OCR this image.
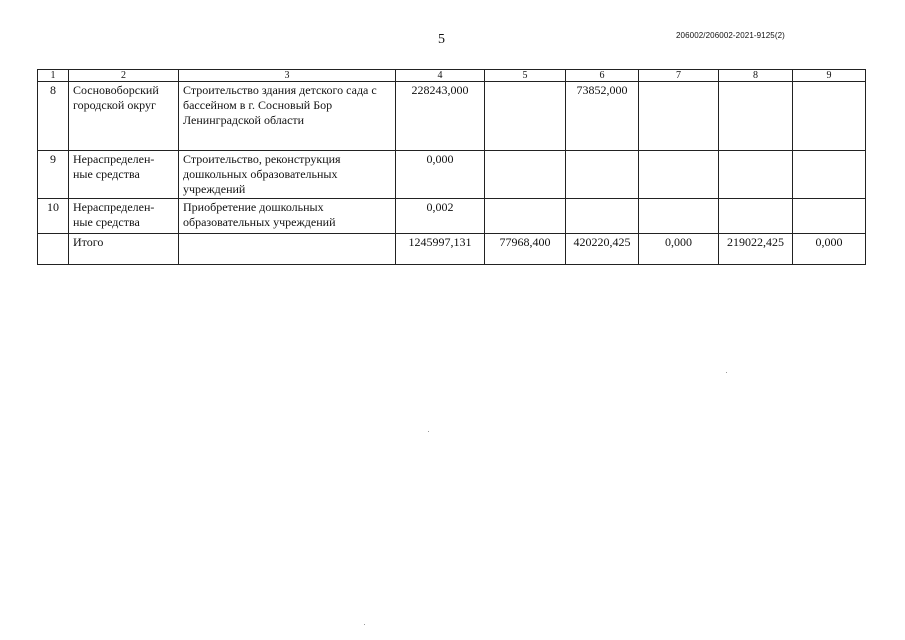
5	206002/206002-2021-9125(2)
1	2	3	4	5	6	7	8	9
8	Сосновоборский городской округ	Строительство здания детского сада с бассейном в г. Сосновый Бор Ленинградской области	228243,000		73852,000			
9	Нераспределен-ные средства	Строительство, реконструкция дошкольных образовательных учреждений	0,000					
10	Нераспределен-ные средства	Приобретение дошкольных образовательных учреждений	0,002					
	Итого		1245997,131	77968,400	420220,425	0,000	219022,425	0,000
